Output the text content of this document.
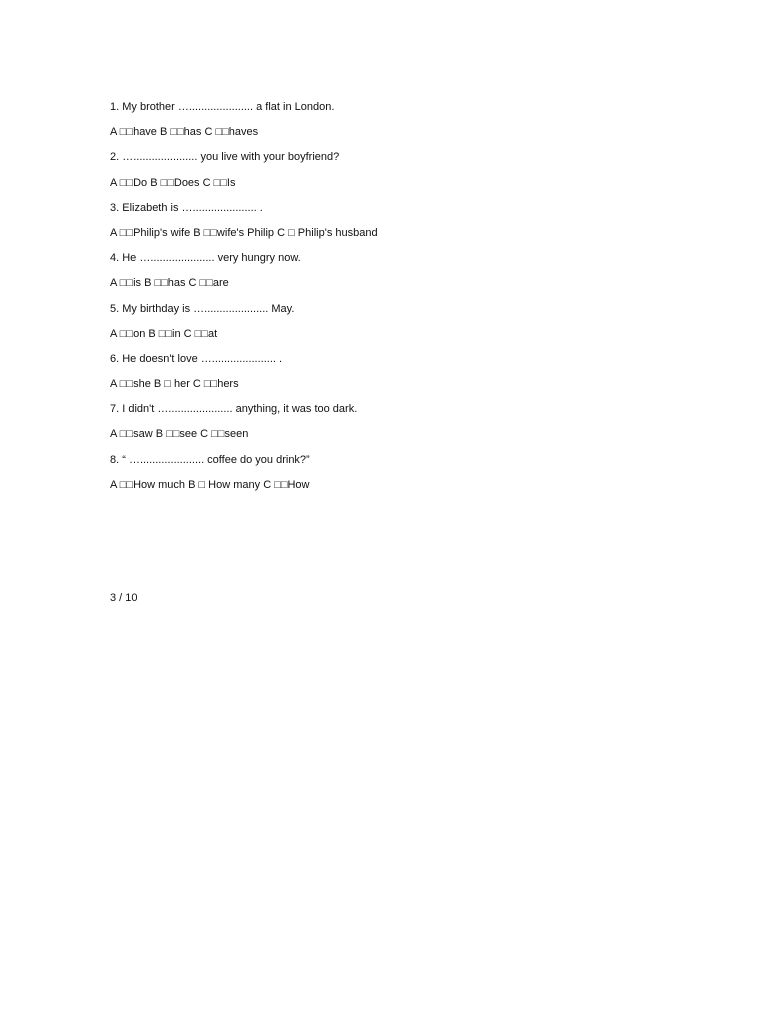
1. My brother …..................... a flat in London.
A □□have B □□has C □□haves
2. …..................... you live with your boyfriend?
A □□Do B □□Does C □□Is
3. Elizabeth is …..................... .
A □□Philip's wife B □□wife's Philip C □ Philip's husband
4. He …..................... very hungry now.
A □□is B □□has C □□are
5. My birthday is …..................... May.
A □□on B □□in C □□at
6. He doesn't love …..................... .
A □□she B □ her C □□hers
7. I didn't …..................... anything, it was too dark.
A □□saw B □□see C □□seen
8. “ …..................... coffee do you drink?”
A □□How much B □ How many C □□How
3 / 10
